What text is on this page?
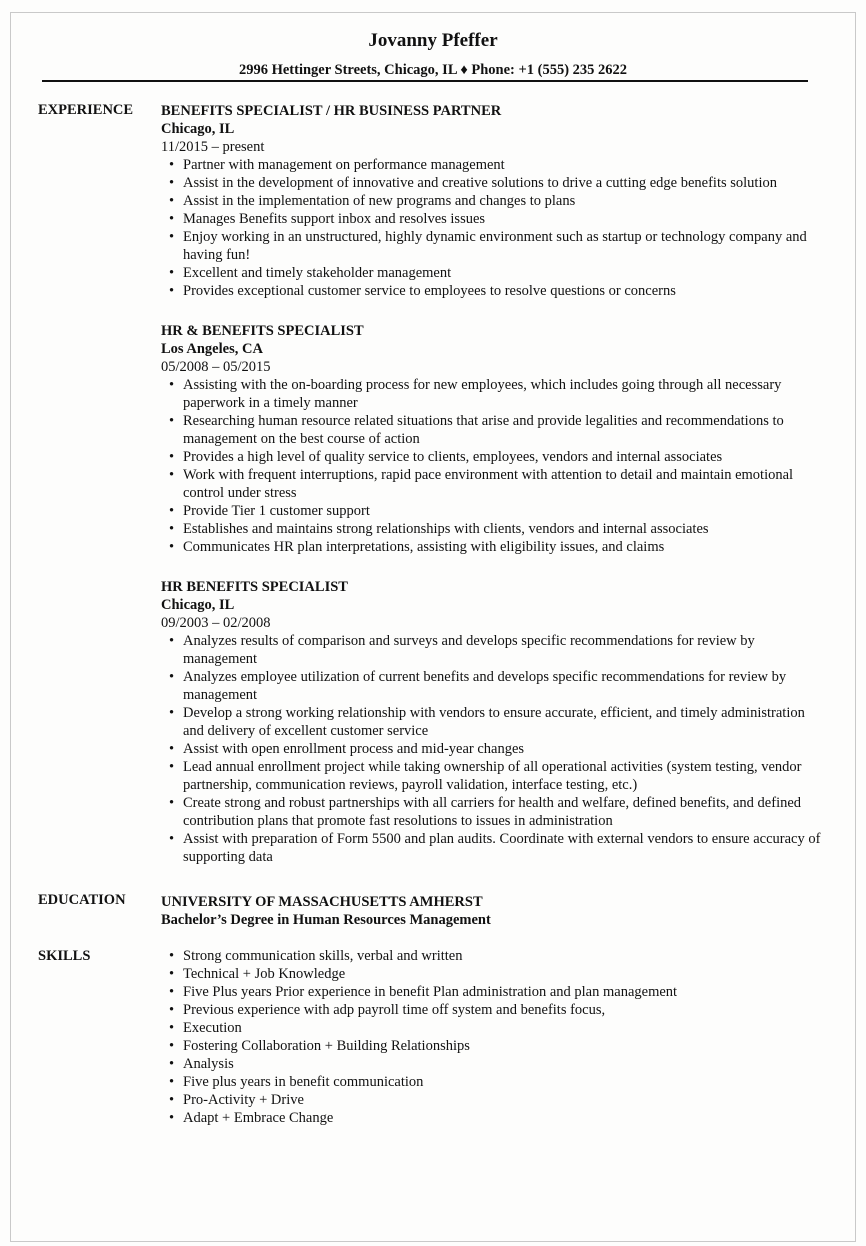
Jovanny Pfeffer
2996 Hettinger Streets, Chicago, IL ♦ Phone: +1 (555) 235 2622
EXPERIENCE BENEFITS SPECIALIST / HR BUSINESS PARTNER
Chicago, IL
11/2015 – present
• Partner with management on performance management
• Assist in the development of innovative and creative solutions to drive a cutting edge benefits solution
• Assist in the implementation of new programs and changes to plans
• Manages Benefits support inbox and resolves issues
• Enjoy working in an unstructured, highly dynamic environment such as startup or technology company and having fun!
• Excellent and timely stakeholder management
• Provides exceptional customer service to employees to resolve questions or concerns
HR & BENEFITS SPECIALIST
Los Angeles, CA
05/2008 – 05/2015
• Assisting with the on-boarding process for new employees, which includes going through all necessary paperwork in a timely manner
• Researching human resource related situations that arise and provide legalities and recommendations to management on the best course of action
• Provides a high level of quality service to clients, employees, vendors and internal associates
• Work with frequent interruptions, rapid pace environment with attention to detail and maintain emotional control under stress
• Provide Tier 1 customer support
• Establishes and maintains strong relationships with clients, vendors and internal associates
• Communicates HR plan interpretations, assisting with eligibility issues, and claims
HR BENEFITS SPECIALIST
Chicago, IL
09/2003 – 02/2008
• Analyzes results of comparison and surveys and develops specific recommendations for review by management
• Analyzes employee utilization of current benefits and develops specific recommendations for review by management
• Develop a strong working relationship with vendors to ensure accurate, efficient, and timely administration and delivery of excellent customer service
• Assist with open enrollment process and mid-year changes
• Lead annual enrollment project while taking ownership of all operational activities (system testing, vendor partnership, communication reviews, payroll validation, interface testing, etc.)
• Create strong and robust partnerships with all carriers for health and welfare, defined benefits, and defined contribution plans that promote fast resolutions to issues in administration
• Assist with preparation of Form 5500 and plan audits. Coordinate with external vendors to ensure accuracy of supporting data
EDUCATION UNIVERSITY OF MASSACHUSETTS AMHERST
Bachelor’s Degree in Human Resources Management
SKILLS
•	Strong communication skills, verbal and written
• Technical + Job Knowledge
• Five Plus years Prior experience in benefit Plan administration and plan management
• Previous experience with adp payroll time off system and benefits focus,
• Execution
• Fostering Collaboration + Building Relationships
• Analysis
• Five plus years in benefit communication
• Pro-Activity + Drive
• Adapt + Embrace Change
